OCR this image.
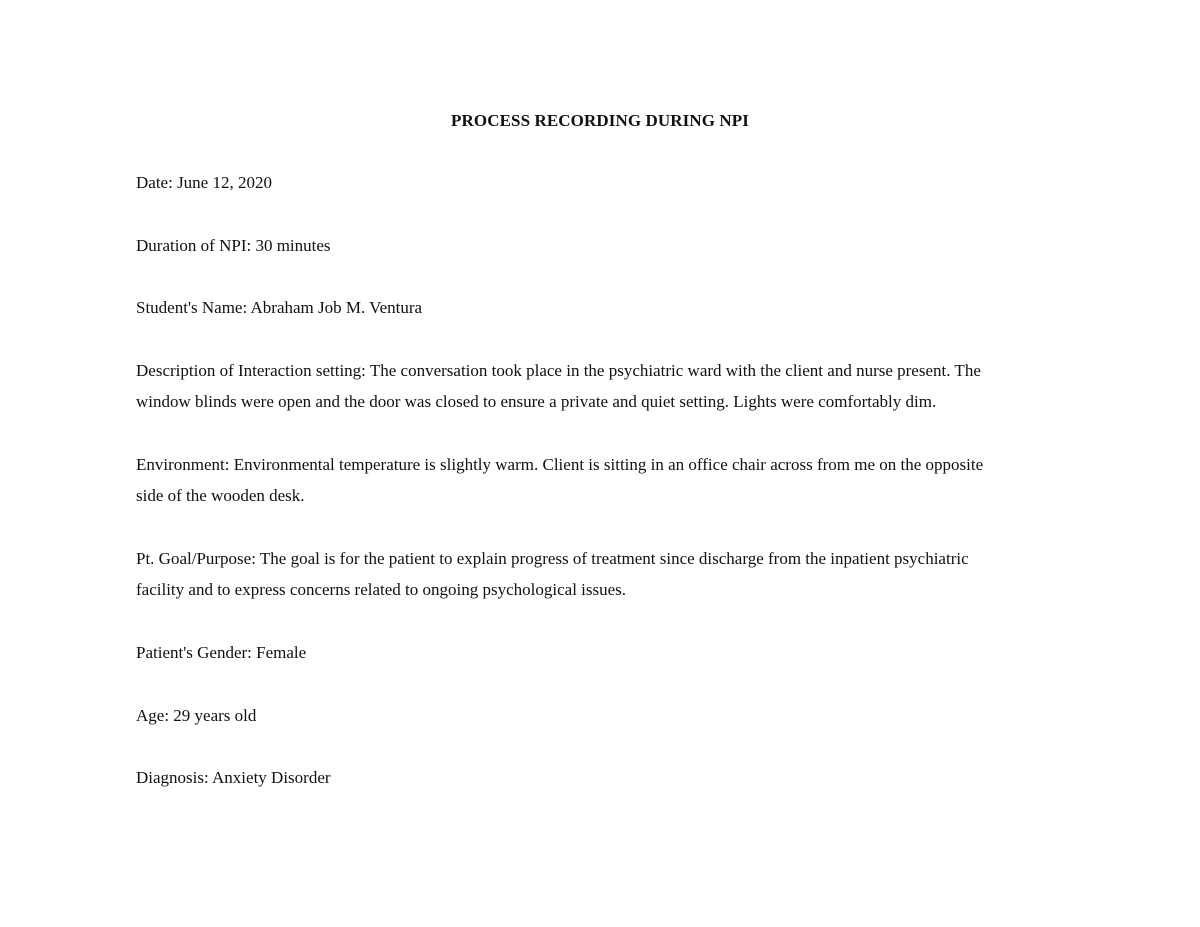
PROCESS RECORDING DURING NPI
Date: June 12, 2020
Duration of NPI: 30 minutes
Student's Name: Abraham Job M. Ventura
Description of Interaction setting: The conversation took place in the psychiatric ward with the client and nurse present. The
window blinds were open and the door was closed to ensure a private and quiet setting. Lights were comfortably dim.
Environment: Environmental temperature is slightly warm. Client is sitting in an office chair across from me on the opposite
side of the wooden desk.
Pt. Goal/Purpose: The goal is for the patient to explain progress of treatment since discharge from the inpatient psychiatric
facility and to express concerns related to ongoing psychological issues.
Patient's Gender: Female
Age: 29 years old
Diagnosis: Anxiety Disorder
